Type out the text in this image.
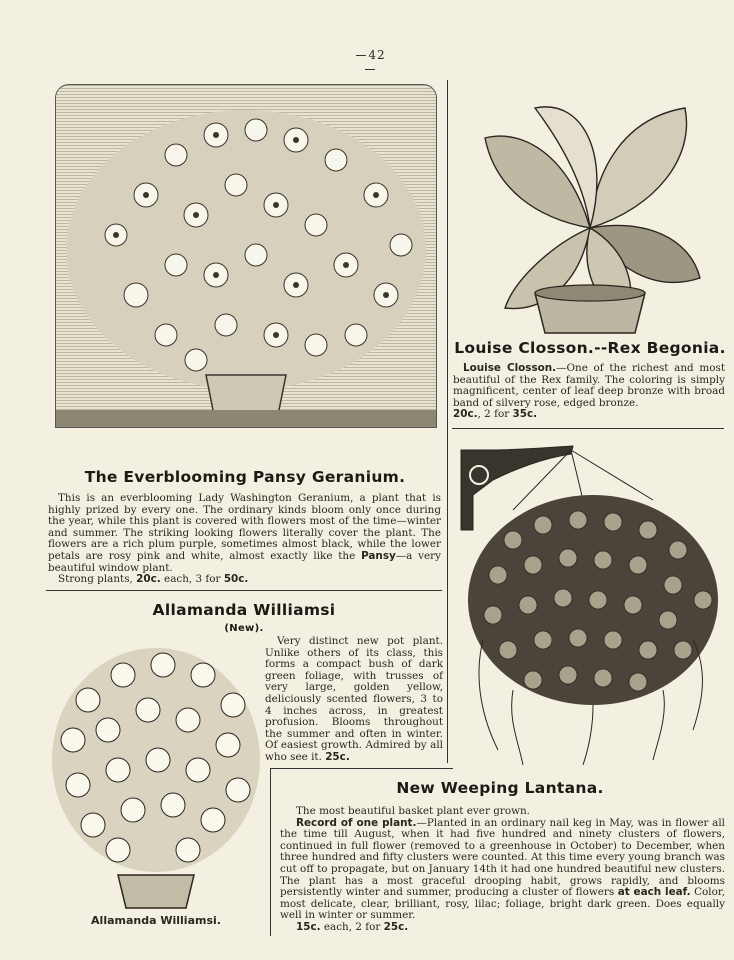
42
The Everblooming Pansy Geranium.
This is an everblooming Lady Washington Geranium, a plant that is highly prized by every one. The ordinary kinds bloom only once during the year, while this plant is covered with flowers most of the time—winter and summer. The striking looking flowers literally cover the plant. The flowers are a rich plum purple, sometimes almost black, while the lower petals are rosy pink and white, almost exactly like the Pansy—a very beautiful window plant.
Strong plants, 20c. each, 3 for 50c.
Louise Closson.--Rex Begonia.
Louise Closson.—One of the richest and most beautiful of the Rex family. The coloring is simply magnificent, center of leaf deep bronze with broad band of silvery rose, edged bronze.
20c., 2 for 35c.
Allamanda Williamsi
(New).
Very distinct new pot plant. Unlike others of its class, this forms a compact bush of dark green foliage, with trusses of very large, golden yellow, deliciously scented flowers, 3 to 4 inches across, in greatest profusion. Blooms throughout the summer and often in winter. Of easiest growth. Admired by all who see it. 25c.
Allamanda Williamsi.
New Weeping Lantana.
The most beautiful basket plant ever grown.
Record of one plant.—Planted in an ordinary nail keg in May, was in flower all the time till August, when it had five hundred and ninety clusters of flowers, continued in full flower (removed to a greenhouse in October) to December, when three hundred and fifty clusters were counted. At this time every young branch was cut off to propagate, but on January 14th it had one hundred beautiful new clusters. The plant has a most graceful drooping habit, grows rapidly, and blooms persistently winter and summer, producing a cluster of flowers at each leaf. Color, most delicate, clear, brilliant, rosy, lilac; foliage, bright dark green. Does equally well in winter or summer.
15c. each, 2 for 25c.
